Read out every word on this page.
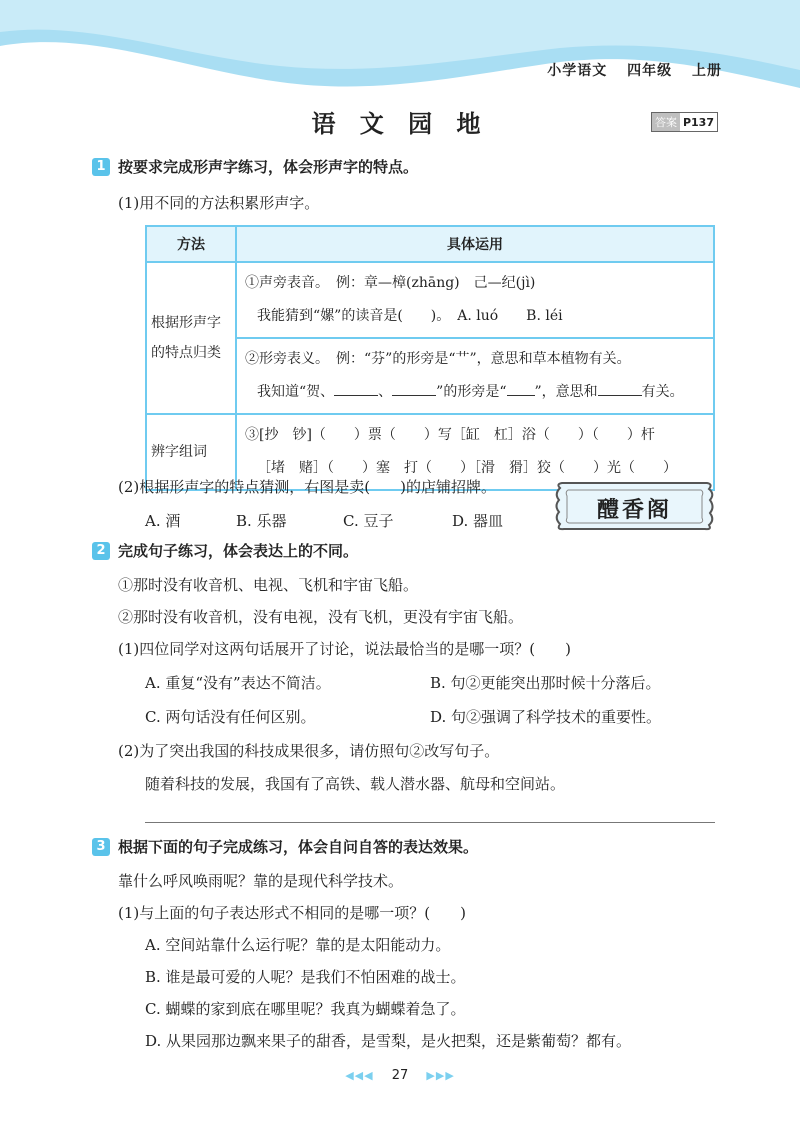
小学语文 四年级 上册
语 文 园 地	答案 P137
1 按要求完成形声字练习，体会形声字的特点。
(1)用不同的方法积累形声字。
方法	具体运用
根据形声字的特点归类	①声旁表音。　例：章—樟(zhāng)　己—纪(jì)
我能猜到“嫘”的读音是(　　)。　A. luó　　B. léi

	②形旁表义。　例：“芬”的形旁是“艹”，意思和草本植物有关。
我知道“贺、 、 ”的形旁是“ ”，意思和 有关。

辨字组词	③[抄　钞]（　　）票（　　）写［缸　杠］浴（　　）（　　）杆
［堵　赌］（　　）塞　打（　　）［滑　猾］狡（　　）光（　　）
(2)根据形声字的特点猜测，右图是卖(　　)的店铺招牌。
A. 酒	B. 乐器	C. 豆子	D. 器皿	醴香阁
2 完成句子练习，体会表达上的不同。
①那时没有收音机、电视、飞机和宇宙飞船。
②那时没有收音机，没有电视，没有飞机，更没有宇宙飞船。
(1)四位同学对这两句话展开了讨论，说法最恰当的是哪一项？(　　)
A. 重复“没有”表达不简洁。	B. 句②更能突出那时候十分落后。
C. 两句话没有任何区别。	D. 句②强调了科学技术的重要性。
(2)为了突出我国的科技成果很多，请仿照句②改写句子。
随着科技的发展，我国有了高铁、载人潜水器、航母和空间站。
3 根据下面的句子完成练习，体会自问自答的表达效果。
靠什么呼风唤雨呢？靠的是现代科学技术。
(1)与上面的句子表达形式不相同的是哪一项？(　　)
A. 空间站靠什么运行呢？靠的是太阳能动力。
B. 谁是最可爱的人呢？是我们不怕困难的战士。
C. 蝴蝶的家到底在哪里呢？我真为蝴蝶着急了。
D. 从果园那边飘来果子的甜香，是雪梨，是火把梨，还是紫葡萄？都有。
◀◀◀ 27 ▶▶▶
